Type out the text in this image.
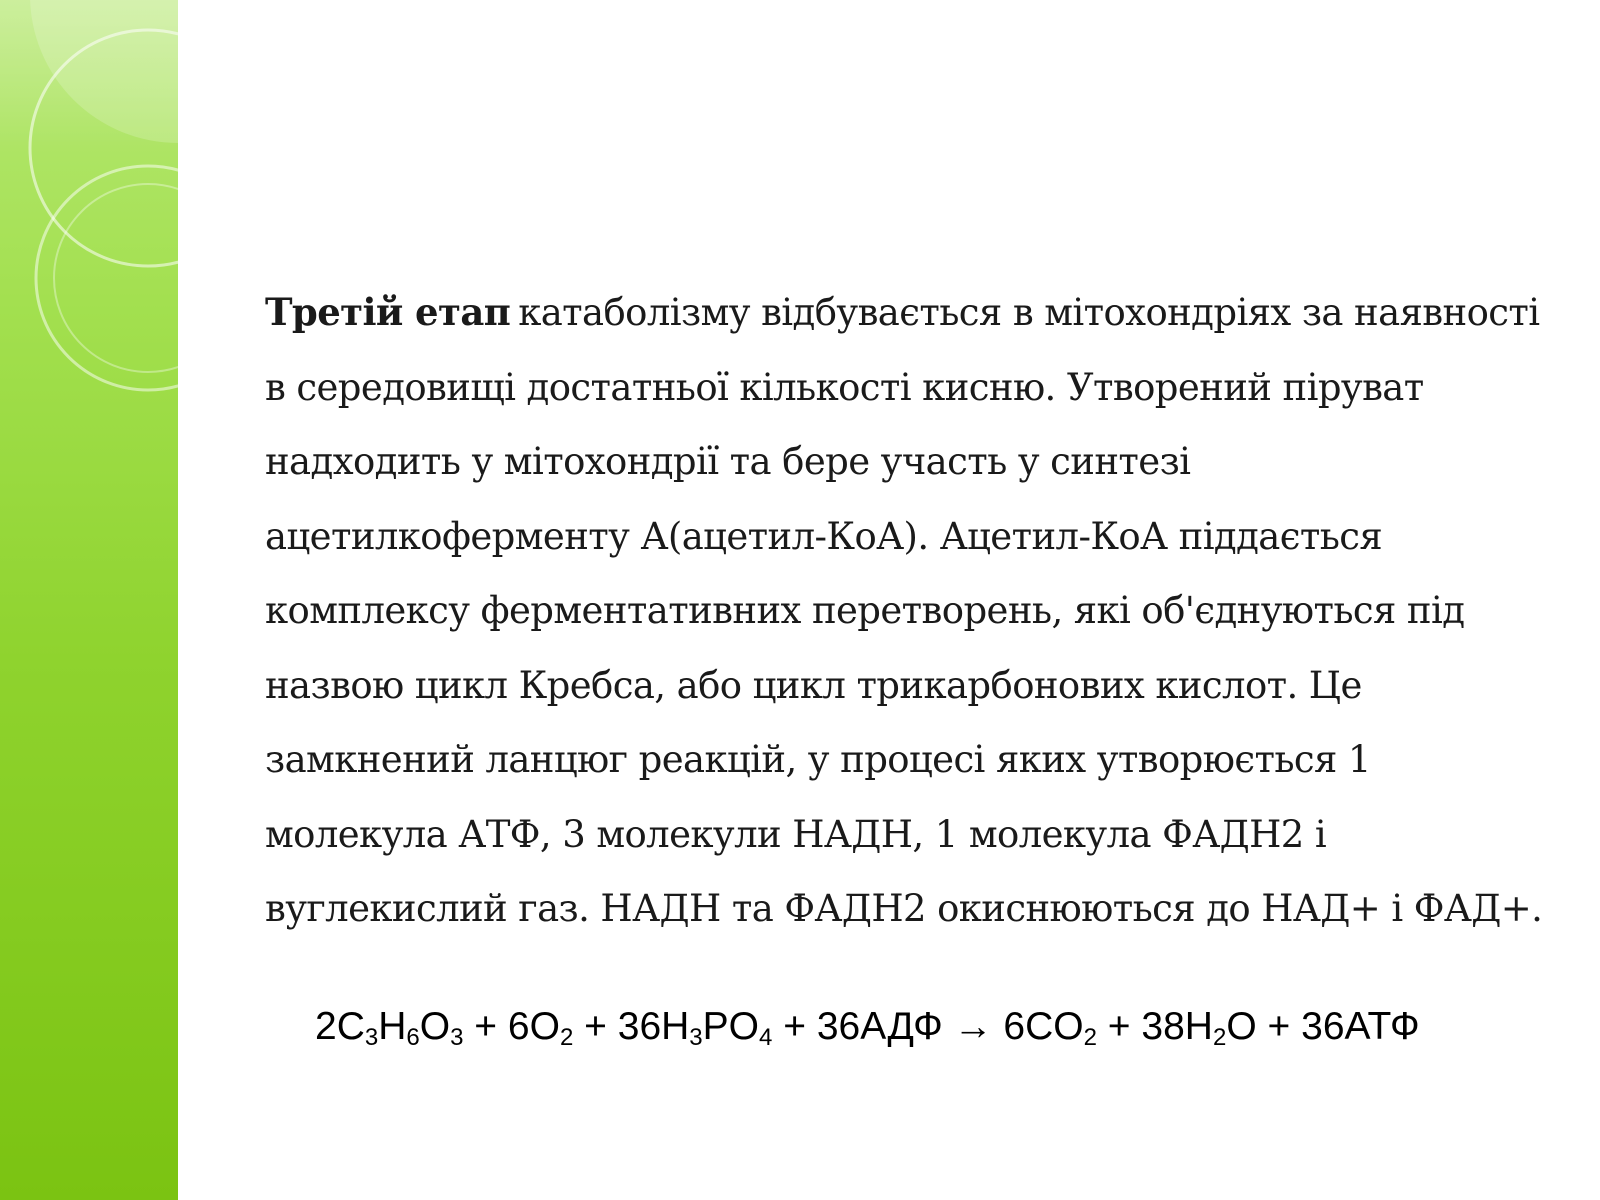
Третій етап катаболізму відбувається в мітохондріях за наявності в середовищі достатньої кількості кисню. Утворений піруват надходить у мітохондрії та бере участь у синтезі ацетилкоферменту А(ацетил-КоА). Ацетил-КоА піддається комплексу ферментативних перетворень, які об'єднуються під назвою цикл Кребса, або цикл трикарбонових кислот. Це замкнений ланцюг реакцій, у процесі яких утворюється 1 молекула АТФ, 3 молекули НАДН, 1 молекула ФАДН2 і вуглекислий газ. НАДН та ФАДН2 окиснюються до НАД+ і ФАД+.

$2C_3H_6O_3 + 6O_2 + 36H_3PO_4 + 36АДФ \to 6CO_2 + 38H_2O + 36АТФ$
